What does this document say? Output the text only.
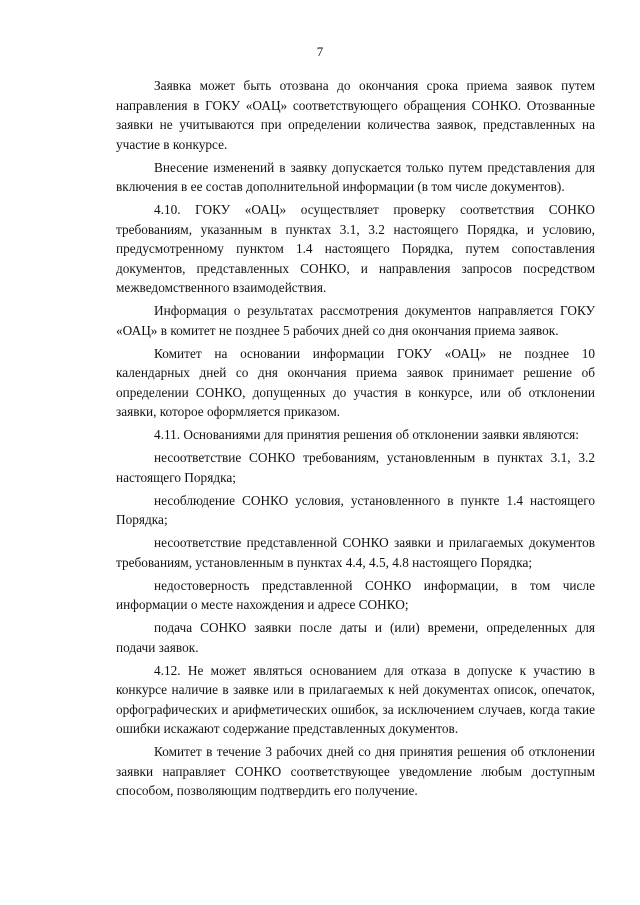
7

Заявка может быть отозвана до окончания срока приема заявок путем направления в ГОКУ «ОАЦ» соответствующего обращения СОНКО. Отозванные заявки не учитываются при определении количества заявок, представленных на участие в конкурсе.

Внесение изменений в заявку допускается только путем представления для включения в ее состав дополнительной информации (в том числе документов).

4.10. ГОКУ «ОАЦ» осуществляет проверку соответствия СОНКО требованиям, указанным в пунктах 3.1, 3.2 настоящего Порядка, и условию, предусмотренному пунктом 1.4 настоящего Порядка, путем сопоставления документов, представленных СОНКО, и направления запросов посредством межведомственного взаимодействия.

Информация о результатах рассмотрения документов направляется ГОКУ «ОАЦ» в комитет не позднее 5 рабочих дней со дня окончания приема заявок.

Комитет на основании информации ГОКУ «ОАЦ» не позднее 10 календарных дней со дня окончания приема заявок принимает решение об определении СОНКО, допущенных до участия в конкурсе, или об отклонении заявки, которое оформляется приказом.

4.11. Основаниями для принятия решения об отклонении заявки являются:

несоответствие СОНКО требованиям, установленным в пунктах 3.1, 3.2 настоящего Порядка;

несоблюдение СОНКО условия, установленного в пункте 1.4 настоящего Порядка;

несоответствие представленной СОНКО заявки и прилагаемых документов требованиям, установленным в пунктах 4.4, 4.5, 4.8 настоящего Порядка;

недостоверность представленной СОНКО информации, в том числе информации о месте нахождения и адресе СОНКО;

подача СОНКО заявки после даты и (или) времени, определенных для подачи заявок.

4.12. Не может являться основанием для отказа в допуске к участию в конкурсе наличие в заявке или в прилагаемых к ней документах описок, опечаток, орфографических и арифметических ошибок, за исключением случаев, когда такие ошибки искажают содержание представленных документов.

Комитет в течение 3 рабочих дней со дня принятия решения об отклонении заявки направляет СОНКО соответствующее уведомление любым доступным способом, позволяющим подтвердить его получение.
